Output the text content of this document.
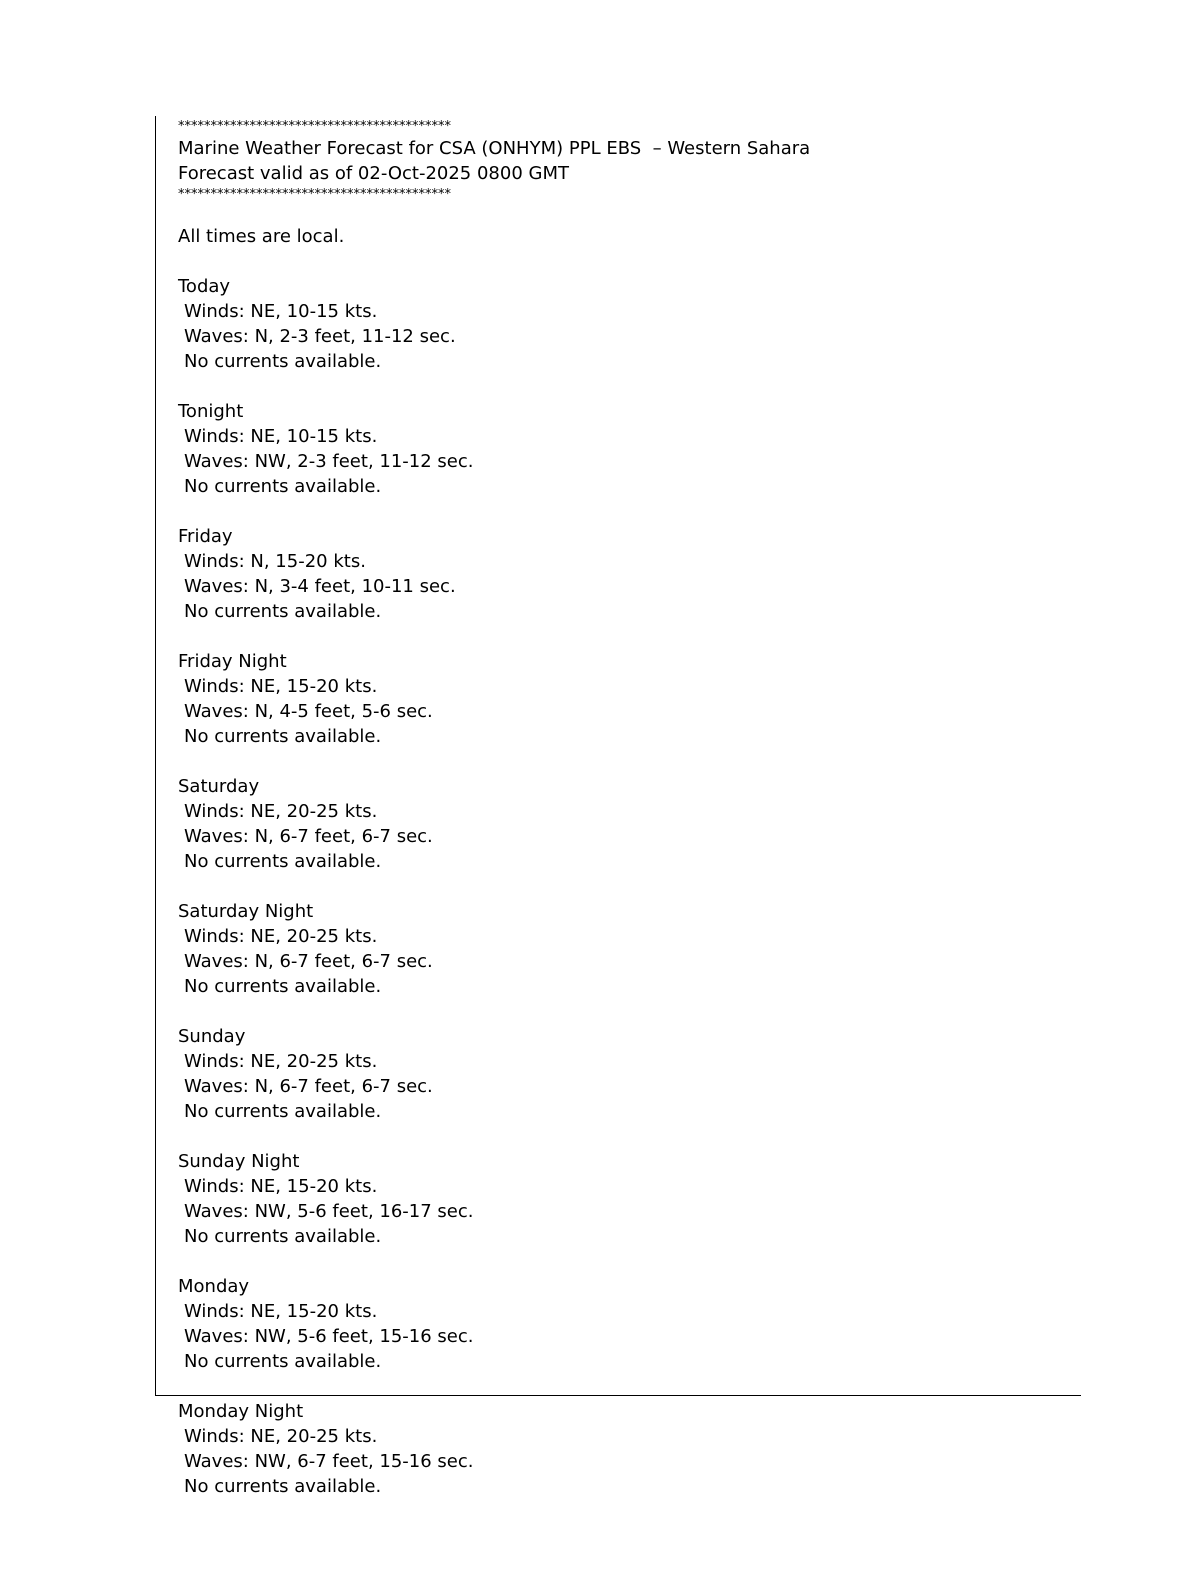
******************************************
Marine Weather Forecast for CSA (ONHYM) PPL EBS  – Western Sahara
Forecast valid as of 02-Oct-2025 0800 GMT
******************************************
All times are local.
Today
Winds: NE, 10-15 kts.
Waves: N, 2-3 feet, 11-12 sec.
No currents available.
Tonight
Winds: NE, 10-15 kts.
Waves: NW, 2-3 feet, 11-12 sec.
No currents available.
Friday
Winds: N, 15-20 kts.
Waves: N, 3-4 feet, 10-11 sec.
No currents available.
Friday Night
Winds: NE, 15-20 kts.
Waves: N, 4-5 feet, 5-6 sec.
No currents available.
Saturday
Winds: NE, 20-25 kts.
Waves: N, 6-7 feet, 6-7 sec.
No currents available.
Saturday Night
Winds: NE, 20-25 kts.
Waves: N, 6-7 feet, 6-7 sec.
No currents available.
Sunday
Winds: NE, 20-25 kts.
Waves: N, 6-7 feet, 6-7 sec.
No currents available.
Sunday Night
Winds: NE, 15-20 kts.
Waves: NW, 5-6 feet, 16-17 sec.
No currents available.
Monday
Winds: NE, 15-20 kts.
Waves: NW, 5-6 feet, 15-16 sec.
No currents available.
Monday Night
Winds: NE, 20-25 kts.
Waves: NW, 6-7 feet, 15-16 sec.
No currents available.
